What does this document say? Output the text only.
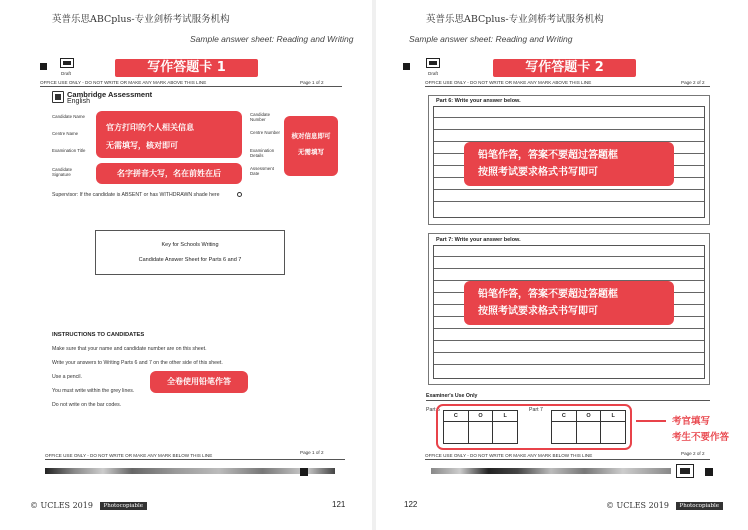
英普乐思ABCplus-专业剑桥考试服务机构
Sample answer sheet: Reading and Writing
Draft	写作答题卡 1
OFFICE USE ONLY - DO NOT WRITE OR MAKE ANY MARK ABOVE THIS LINE	Page 1 of 2
Cambridge Assessment
English
Candidate Name
Centre Name
Examination Title
Candidate Signature
官方打印的个人相关信息
无需填写，核对即可
名字拼音大写，名在前姓在后
Candidate Number
Centre Number
Examination Details
Assessment Date
核对信息即可
无需填写
Supervisor: If the candidate is ABSENT or has WITHDRAWN shade here
Key for Schools Writing
Candidate Answer Sheet for Parts 6 and 7
INSTRUCTIONS TO CANDIDATES
Make sure that your name and candidate number are on this sheet.
Write your answers to Writing Parts 6 and 7 on the other side of this sheet.
Use a pencil.
You must write within the grey lines.
Do not write on the bar codes.
全卷使用铅笔作答
OFFICE USE ONLY - DO NOT WRITE OR MAKE ANY MARK BELOW THIS LINE
Page 1 of 2
© UCLES 2019 Photocopiable	121
英普乐思ABCplus-专业剑桥考试服务机构
Sample answer sheet: Reading and Writing
Draft	写作答题卡 2
OFFICE USE ONLY - DO NOT WRITE OR MAKE ANY MARK ABOVE THIS LINE	Page 2 of 2
Part 6: Write your answer below.
铅笔作答，答案不要超过答题框
按照考试要求格式书写即可
Part 7: Write your answer below.
铅笔作答，答案不要超过答题框
按照考试要求格式书写即可
Examiner's Use Only
Part 6	Part 7
C	O	L	C	O	L	考官填写
考生不要作答
OFFICE USE ONLY - DO NOT WRITE OR MAKE ANY MARK BELOW THIS LINE	Page 2 of 2
122	© UCLES 2019 Photocopiable
